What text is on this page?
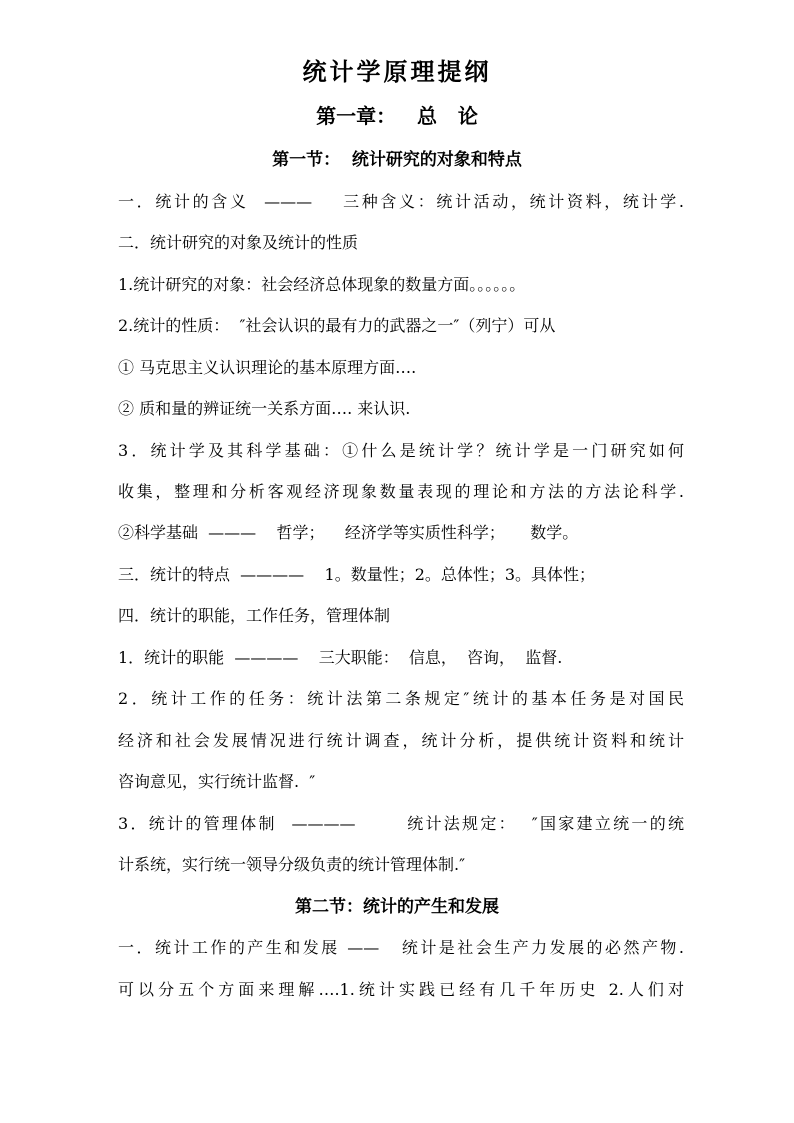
统计学原理提纲
第一章：   总   论
第一节：  统计研究的对象和特点
一．统计的含义  ———    三种含义：统计活动，统计资料，统计学.
二．统计研究的对象及统计的性质
1.统计研究的对象：社会经济总体现象的数量方面。。。。。。
2.统计的性质：  ″社会认识的最有力的武器之一″（列宁）可从
① 马克思主义认识理论的基本原理方面….
② 质和量的辨证统一关系方面…. 来认识.
3．统计学及其科学基础：①什么是统计学？统计学是一门研究如何
收集，整理和分析客观经济现象数量表现的理论和方法的方法论科学.
②科学基础  ———    哲学；    经济学等实质性科学；     数学。
三．统计的特点  ————    1。数量性；2。总体性；3。具体性；
四．统计的职能，工作任务，管理体制
1．统计的职能  ————    三大职能：  信息，  咨询，  监督.
2．统计工作的任务：统计法第二条规定″统计的基本任务是对国民
经济和社会发展情况进行统计调查，统计分析，提供统计资料和统计
咨询意见，实行统计监督.  ″
3．统计的管理体制  ————       统计法规定：  ″国家建立统一的统
计系统，实行统一领导分级负责的统计管理体制.″
第二节：统计的产生和发展
一．统计工作的产生和发展 ——   统计是社会生产力发展的必然产物.
可以分五个方面来理解….1.统计实践已经有几千年历史 2.人们对
